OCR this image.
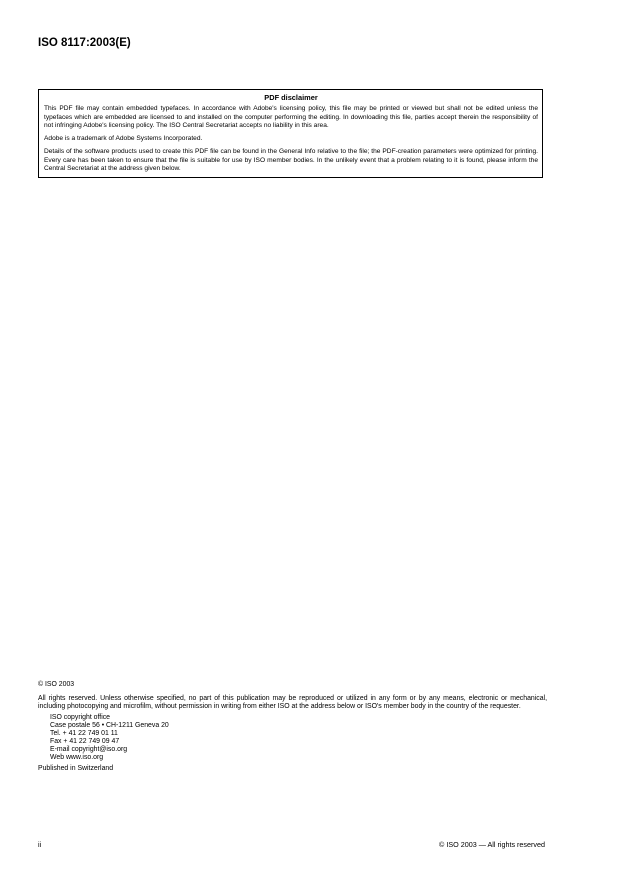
ISO 8117:2003(E)
PDF disclaimer

This PDF file may contain embedded typefaces. In accordance with Adobe's licensing policy, this file may be printed or viewed but shall not be edited unless the typefaces which are embedded are licensed to and installed on the computer performing the editing. In downloading this file, parties accept therein the responsibility of not infringing Adobe's licensing policy. The ISO Central Secretariat accepts no liability in this area.

Adobe is a trademark of Adobe Systems Incorporated.

Details of the software products used to create this PDF file can be found in the General Info relative to the file; the PDF-creation parameters were optimized for printing. Every care has been taken to ensure that the file is suitable for use by ISO member bodies. In the unlikely event that a problem relating to it is found, please inform the Central Secretariat at the address given below.

© ISO 2003
All rights reserved. Unless otherwise specified, no part of this publication may be reproduced or utilized in any form or by any means, electronic or mechanical, including photocopying and microfilm, without permission in writing from either ISO at the address below or ISO's member body in the country of the requester.
ISO copyright office
Case postale 56 • CH-1211 Geneva 20
Tel. + 41 22 749 01 11
Fax + 41 22 749 09 47
E-mail copyright@iso.org
Web www.iso.org
Published in Switzerland
ii	© ISO 2003 — All rights reserved
